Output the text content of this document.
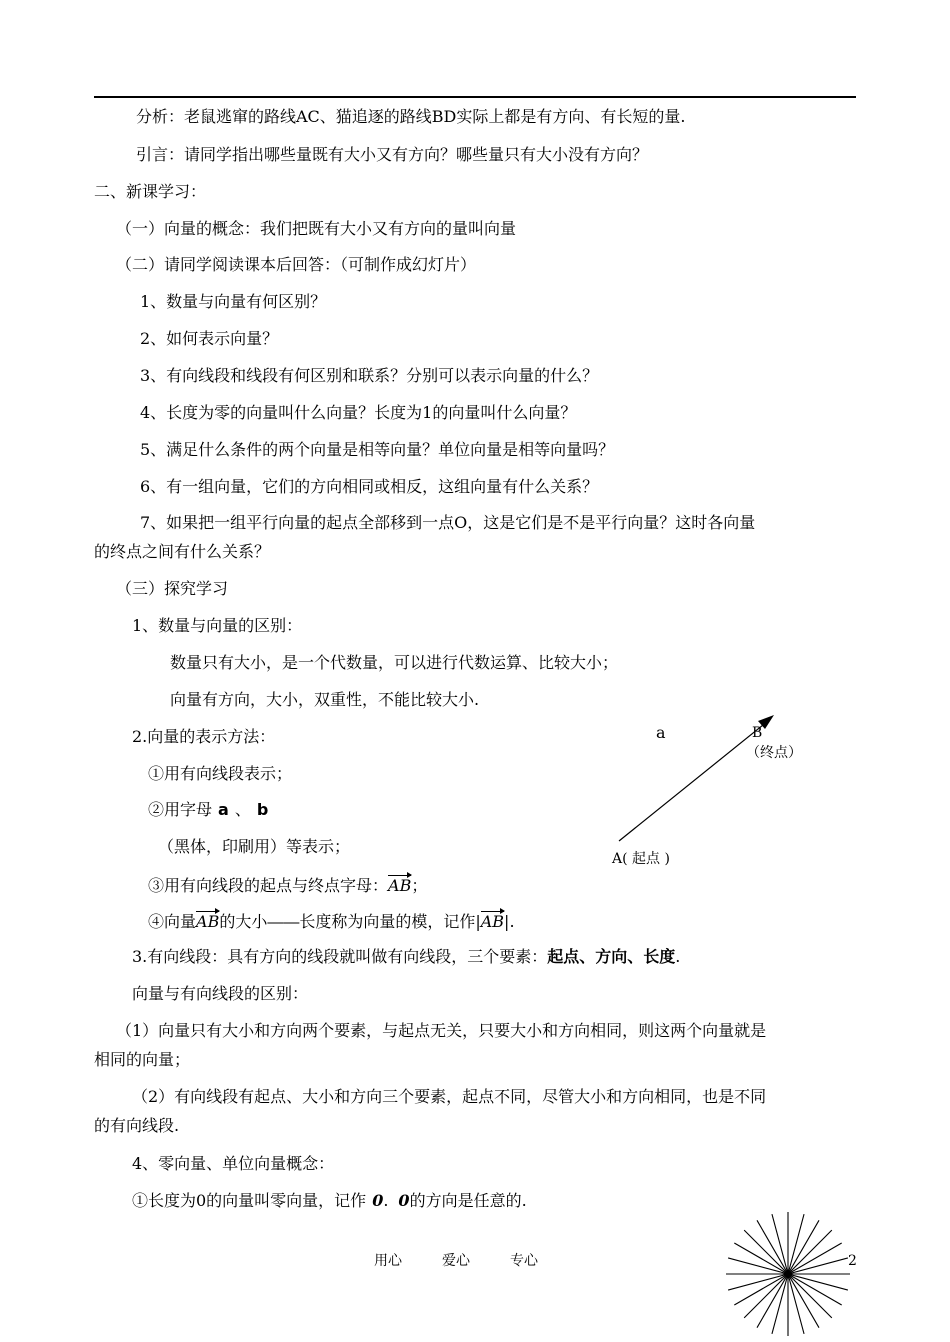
分析：老鼠逃窜的路线AC、猫追逐的路线BD实际上都是有方向、有长短的量.
引言：请同学指出哪些量既有大小又有方向？哪些量只有大小没有方向？
二、新课学习：
（一）向量的概念：我们把既有大小又有方向的量叫向量
（二）请同学阅读课本后回答：（可制作成幻灯片）
1、数量与向量有何区别？
2、如何表示向量？
3、有向线段和线段有何区别和联系？分别可以表示向量的什么？
4、长度为零的向量叫什么向量？长度为1的向量叫什么向量？
5、满足什么条件的两个向量是相等向量？单位向量是相等向量吗？
6、有一组向量，它们的方向相同或相反，这组向量有什么关系？
7、如果把一组平行向量的起点全部移到一点O，这是它们是不是平行向量？这时各向量
的终点之间有什么关系？
（三）探究学习
1、数量与向量的区别：
数量只有大小，是一个代数量，可以进行代数运算、比较大小；
向量有方向，大小，双重性，不能比较大小.
2.向量的表示方法：
①用有向线段表示；
②用字母 a 、 b
（黑体，印刷用）等表示；
③用有向线段的起点与终点字母：AB；
④向量AB的大小――长度称为向量的模，记作|AB|.
3.有向线段：具有方向的线段就叫做有向线段，三个要素：起点、方向、长度.
向量与有向线段的区别：
（1）向量只有大小和方向两个要素，与起点无关，只要大小和方向相同，则这两个向量就是
相同的向量；
（2）有向线段有起点、大小和方向三个要素，起点不同，尽管大小和方向相同，也是不同
的有向线段.
4、零向量、单位向量概念：
①长度为0的向量叫零向量，记作 0. 0的方向是任意的.
a	B
（终点）
A( 起点 )
用心	爱心	专心	2
